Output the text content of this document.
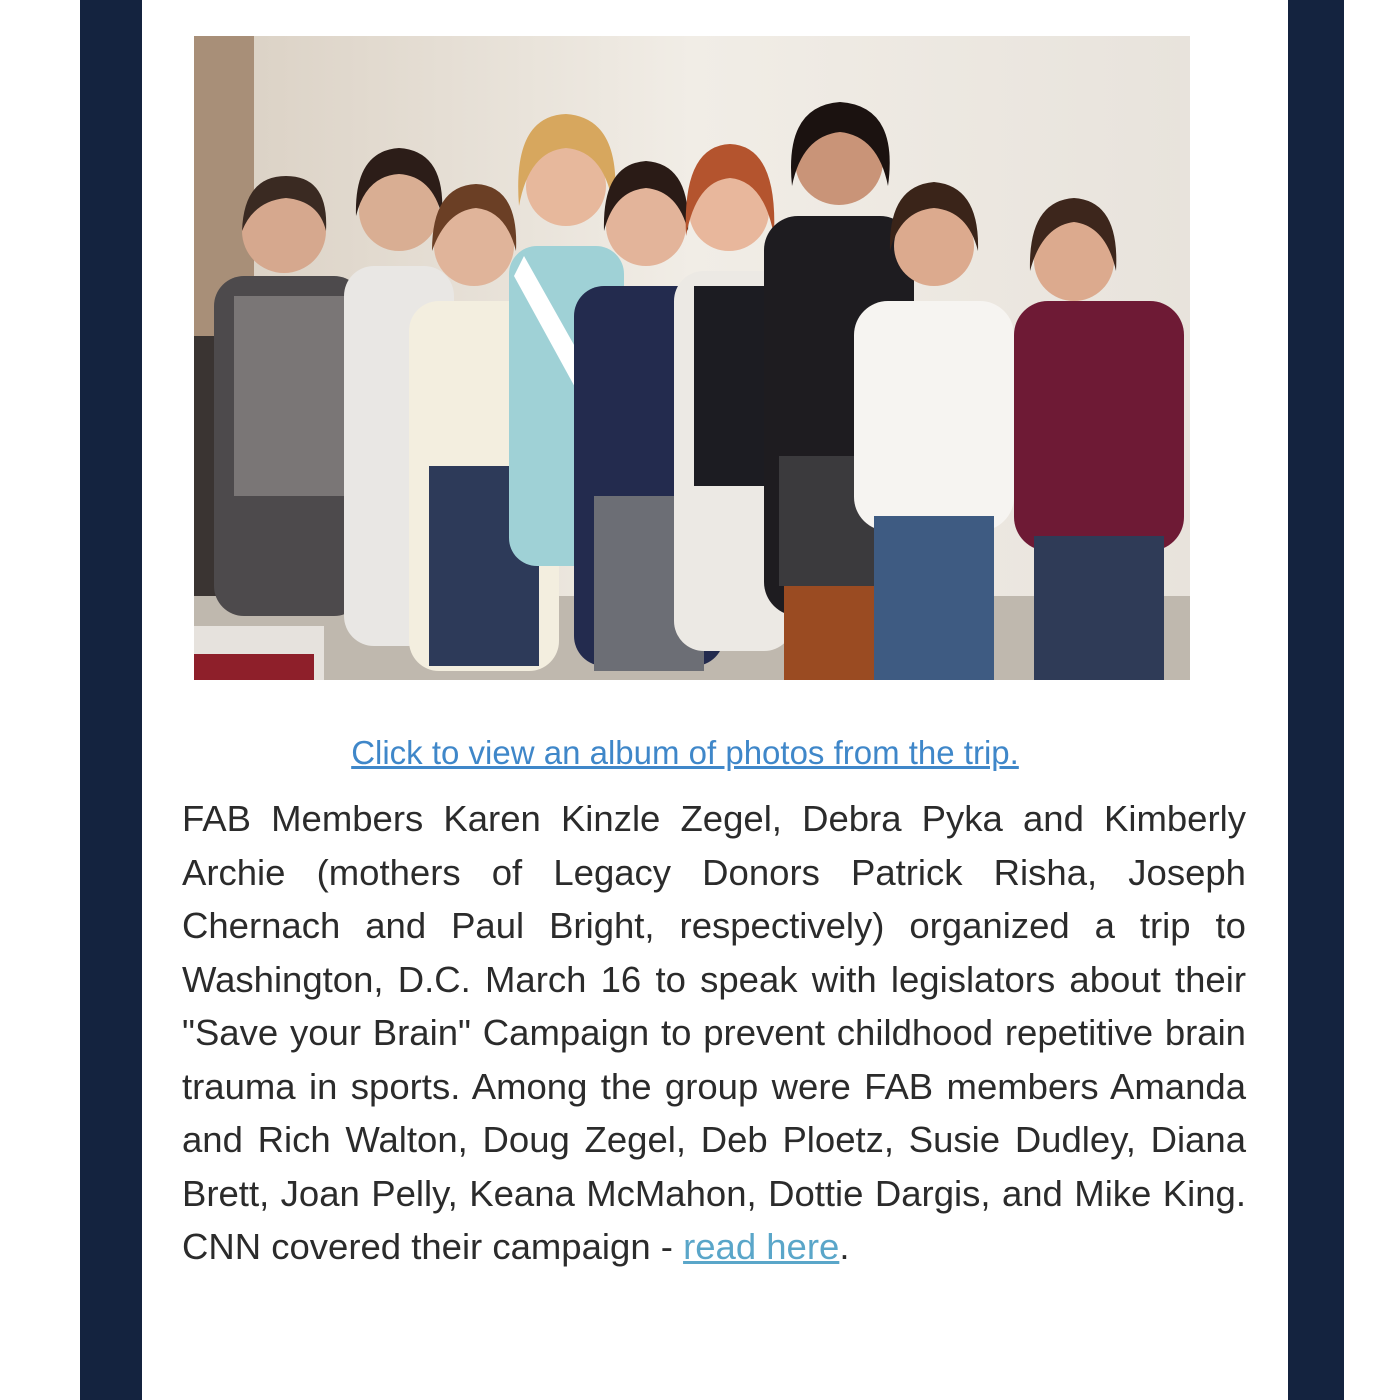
Click to view an album of photos from the trip.

FAB Members Karen Kinzle Zegel, Debra Pyka and Kimberly Archie (mothers of Legacy Donors Patrick Risha, Joseph Chernach and Paul Bright, respectively) organized a trip to Washington, D.C. March 16 to speak with legislators about their "Save your Brain" Campaign to prevent childhood repetitive brain trauma in sports. Among the group were FAB members Amanda and Rich Walton, Doug Zegel, Deb Ploetz, Susie Dudley, Diana Brett, Joan Pelly, Keana McMahon, Dottie Dargis, and Mike King. CNN covered their campaign - read here.
